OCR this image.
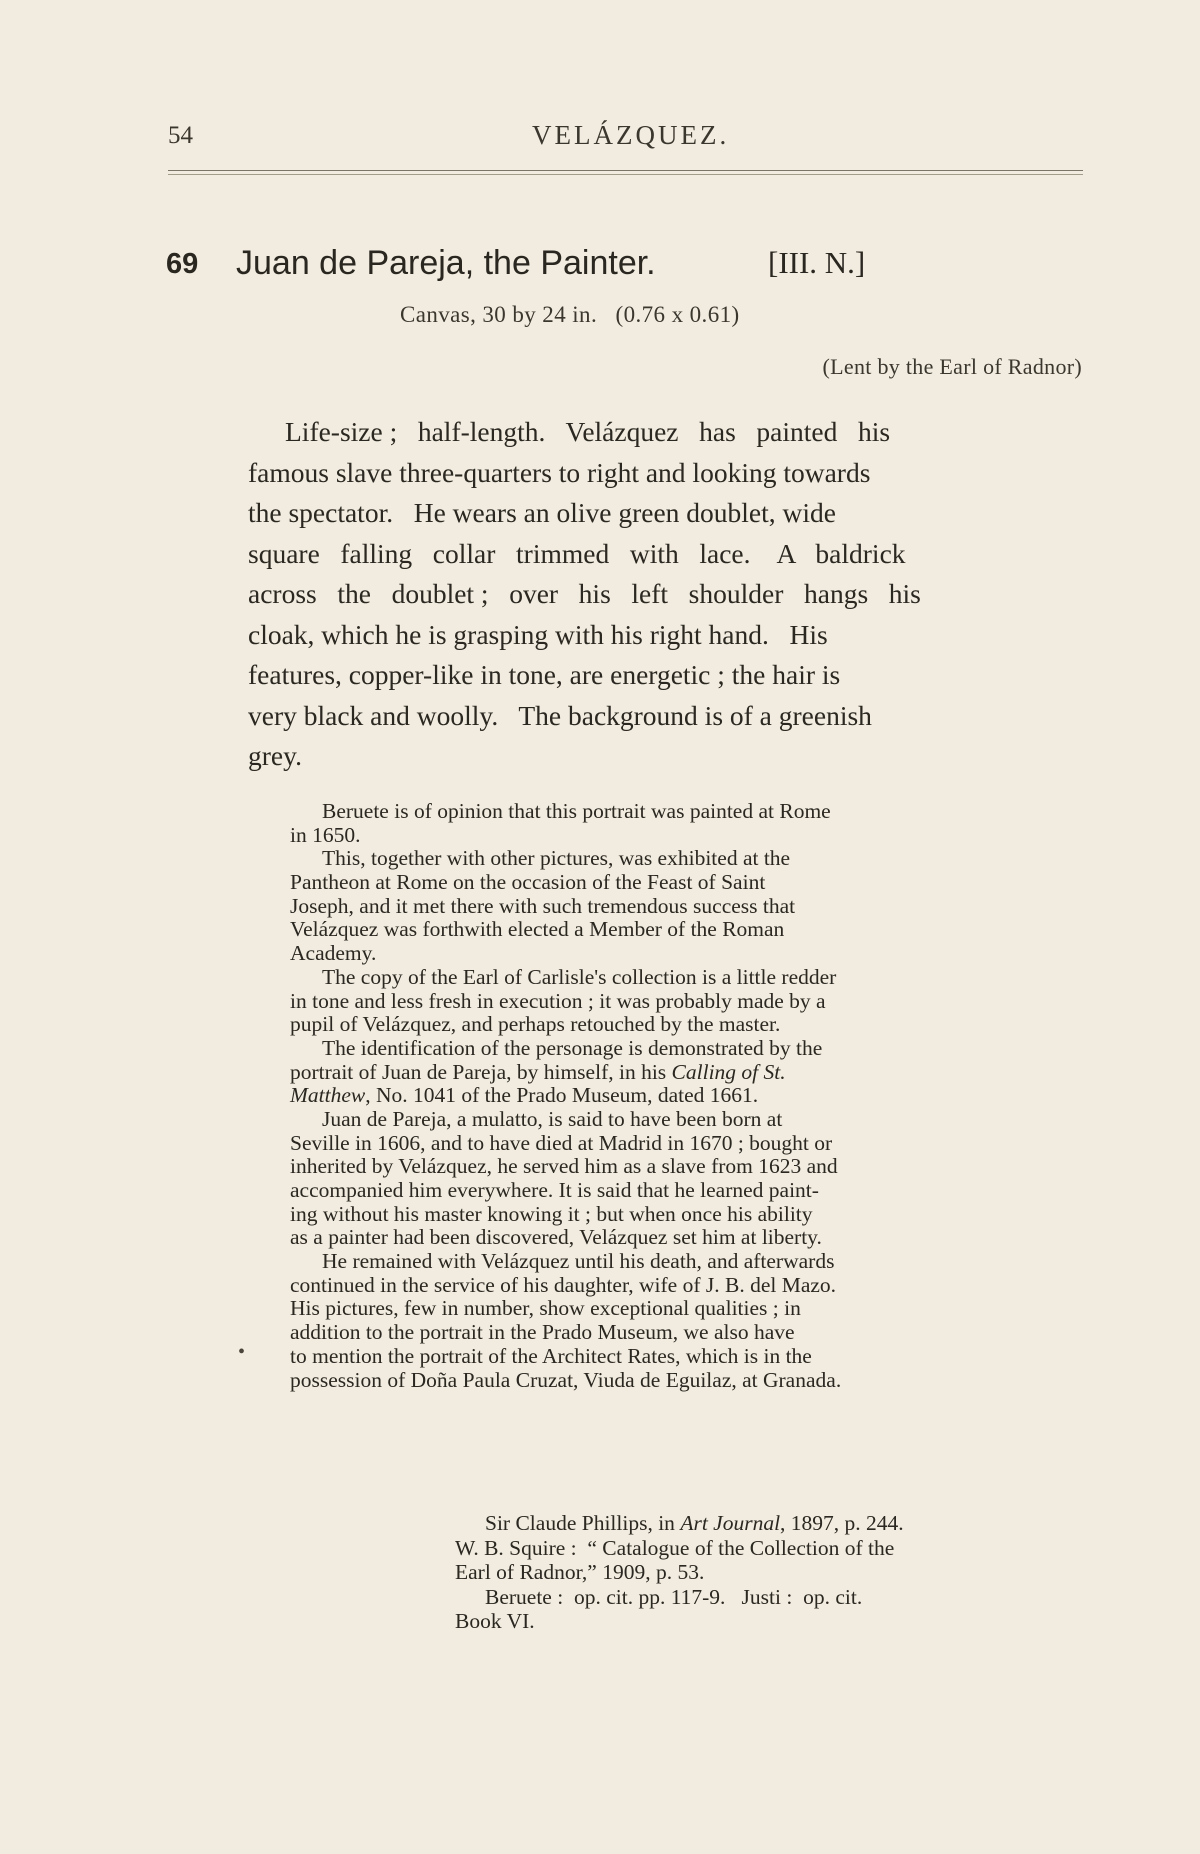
54	VELÁZQUEZ.
69 Juan de Pareja, the Painter.	[III. N.]
Canvas, 30 by 24 in.   (0.76 x 0.61)
(Lent by the Earl of Radnor)
Life-size ;   half-length.   Velázquez   has   painted   his
famous slave three-quarters to right and looking towards
the spectator.   He wears an olive green doublet, wide
square   falling   collar   trimmed   with   lace.    A   baldrick
across   the   doublet ;   over   his   left   shoulder   hangs   his
cloak, which he is grasping with his right hand.   His
features, copper-like in tone, are energetic ; the hair is
very black and woolly.   The background is of a greenish
grey.
Beruete is of opinion that this portrait was painted at Rome
in 1650.
This, together with other pictures, was exhibited at the
Pantheon at Rome on the occasion of the Feast of Saint
Joseph, and it met there with such tremendous success that
Velázquez was forthwith elected a Member of the Roman
Academy.
The copy of the Earl of Carlisle's collection is a little redder
in tone and less fresh in execution ; it was probably made by a
pupil of Velázquez, and perhaps retouched by the master.
The identification of the personage is demonstrated by the
portrait of Juan de Pareja, by himself, in his Calling of St.
Matthew, No. 1041 of the Prado Museum, dated 1661.
Juan de Pareja, a mulatto, is said to have been born at
Seville in 1606, and to have died at Madrid in 1670 ; bought or
inherited by Velázquez, he served him as a slave from 1623 and
accompanied him everywhere. It is said that he learned paint-
ing without his master knowing it ; but when once his ability
as a painter had been discovered, Velázquez set him at liberty.
He remained with Velázquez until his death, and afterwards
continued in the service of his daughter, wife of J. B. del Mazo.
His pictures, few in number, show exceptional qualities ; in
addition to the portrait in the Prado Museum, we also have
to mention the portrait of the Architect Rates, which is in the
possession of Doña Paula Cruzat, Viuda de Eguilaz, at Granada.
•
Sir Claude Phillips, in Art Journal, 1897, p. 244.
W. B. Squire :  “ Catalogue of the Collection of the
Earl of Radnor,” 1909, p. 53.
Beruete :  op. cit. pp. 117-9.   Justi :  op. cit.
Book VI.
